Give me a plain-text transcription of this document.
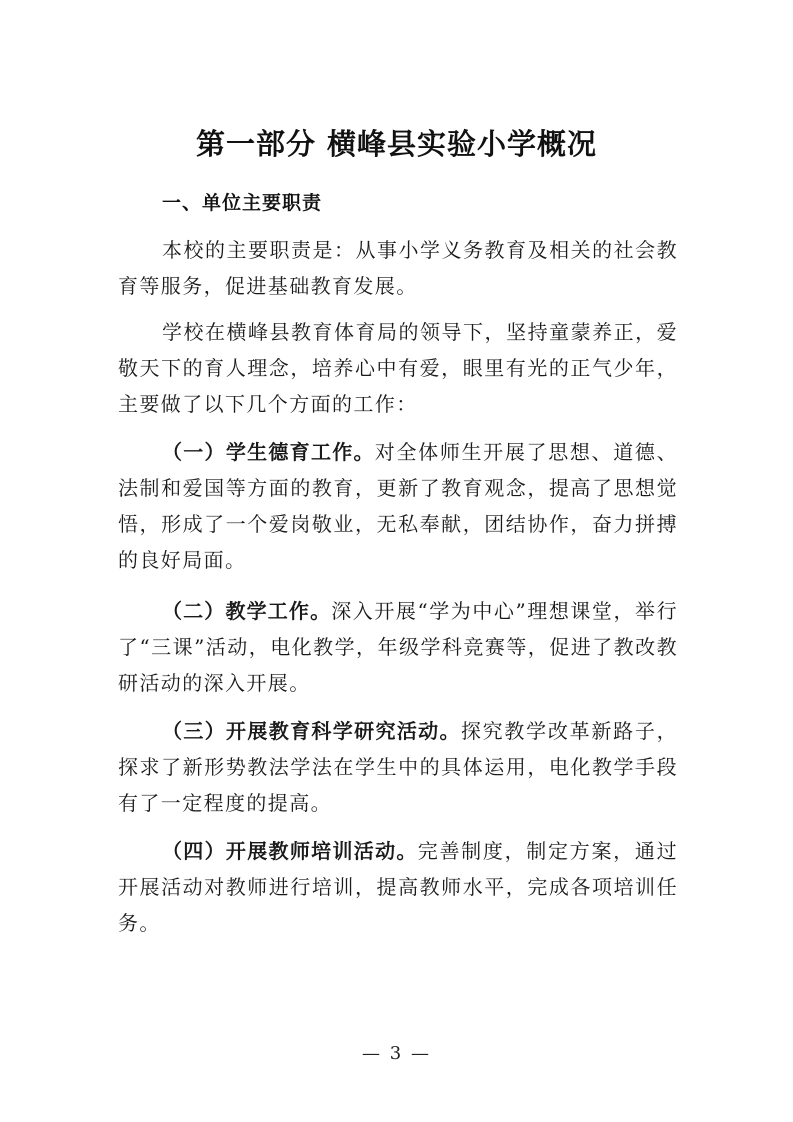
第一部分 横峰县实验小学概况
一、单位主要职责

本校的主要职责是：从事小学义务教育及相关的社会教育等服务，促进基础教育发展。

学校在横峰县教育体育局的领导下，坚持童蒙养正，爱敬天下的育人理念，培养心中有爱，眼里有光的正气少年，主要做了以下几个方面的工作：

（一）学生德育工作。对全体师生开展了思想、道德、法制和爱国等方面的教育，更新了教育观念，提高了思想觉悟，形成了一个爱岗敬业，无私奉献，团结协作，奋力拼搏的良好局面。

（二）教学工作。深入开展“学为中心”理想课堂，举行了“三课”活动，电化教学，年级学科竞赛等，促进了教改教研活动的深入开展。

（三）开展教育科学研究活动。探究教学改革新路子，探求了新形势教法学法在学生中的具体运用，电化教学手段有了一定程度的提高。

（四）开展教师培训活动。完善制度，制定方案，通过开展活动对教师进行培训，提高教师水平，完成各项培训任务。

— 3 —
